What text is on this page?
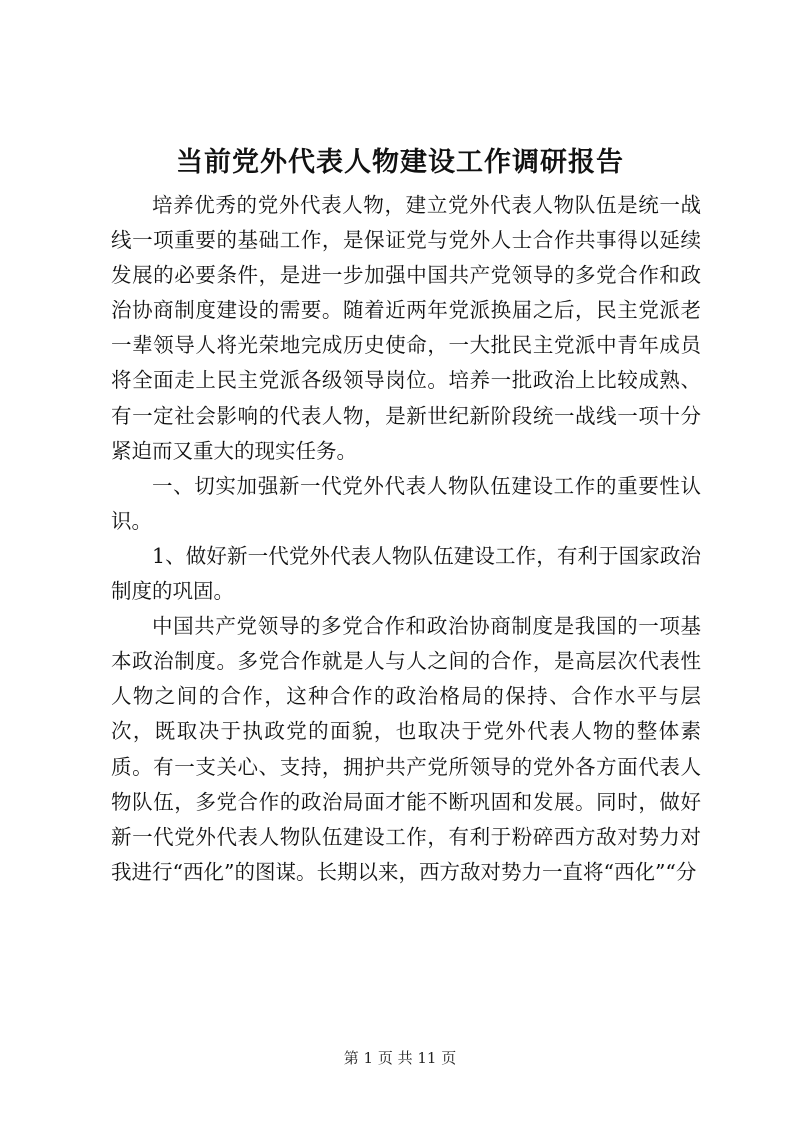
当前党外代表人物建设工作调研报告

培养优秀的党外代表人物，建立党外代表人物队伍是统一战线一项重要的基础工作，是保证党与党外人士合作共事得以延续发展的必要条件，是进一步加强中国共产党领导的多党合作和政治协商制度建设的需要。随着近两年党派换届之后，民主党派老一辈领导人将光荣地完成历史使命，一大批民主党派中青年成员将全面走上民主党派各级领导岗位。培养一批政治上比较成熟、有一定社会影响的代表人物，是新世纪新阶段统一战线一项十分紧迫而又重大的现实任务。

一、切实加强新一代党外代表人物队伍建设工作的重要性认识。

1、做好新一代党外代表人物队伍建设工作，有利于国家政治制度的巩固。

中国共产党领导的多党合作和政治协商制度是我国的一项基本政治制度。多党合作就是人与人之间的合作，是高层次代表性人物之间的合作，这种合作的政治格局的保持、合作水平与层次，既取决于执政党的面貌，也取决于党外代表人物的整体素质。有一支关心、支持，拥护共产党所领导的党外各方面代表人物队伍，多党合作的政治局面才能不断巩固和发展。同时，做好新一代党外代表人物队伍建设工作，有利于粉碎西方敌对势力对我进行“西化”的图谋。长期以来，西方敌对势力一直将“西化”“分

第 1 页 共 11 页
